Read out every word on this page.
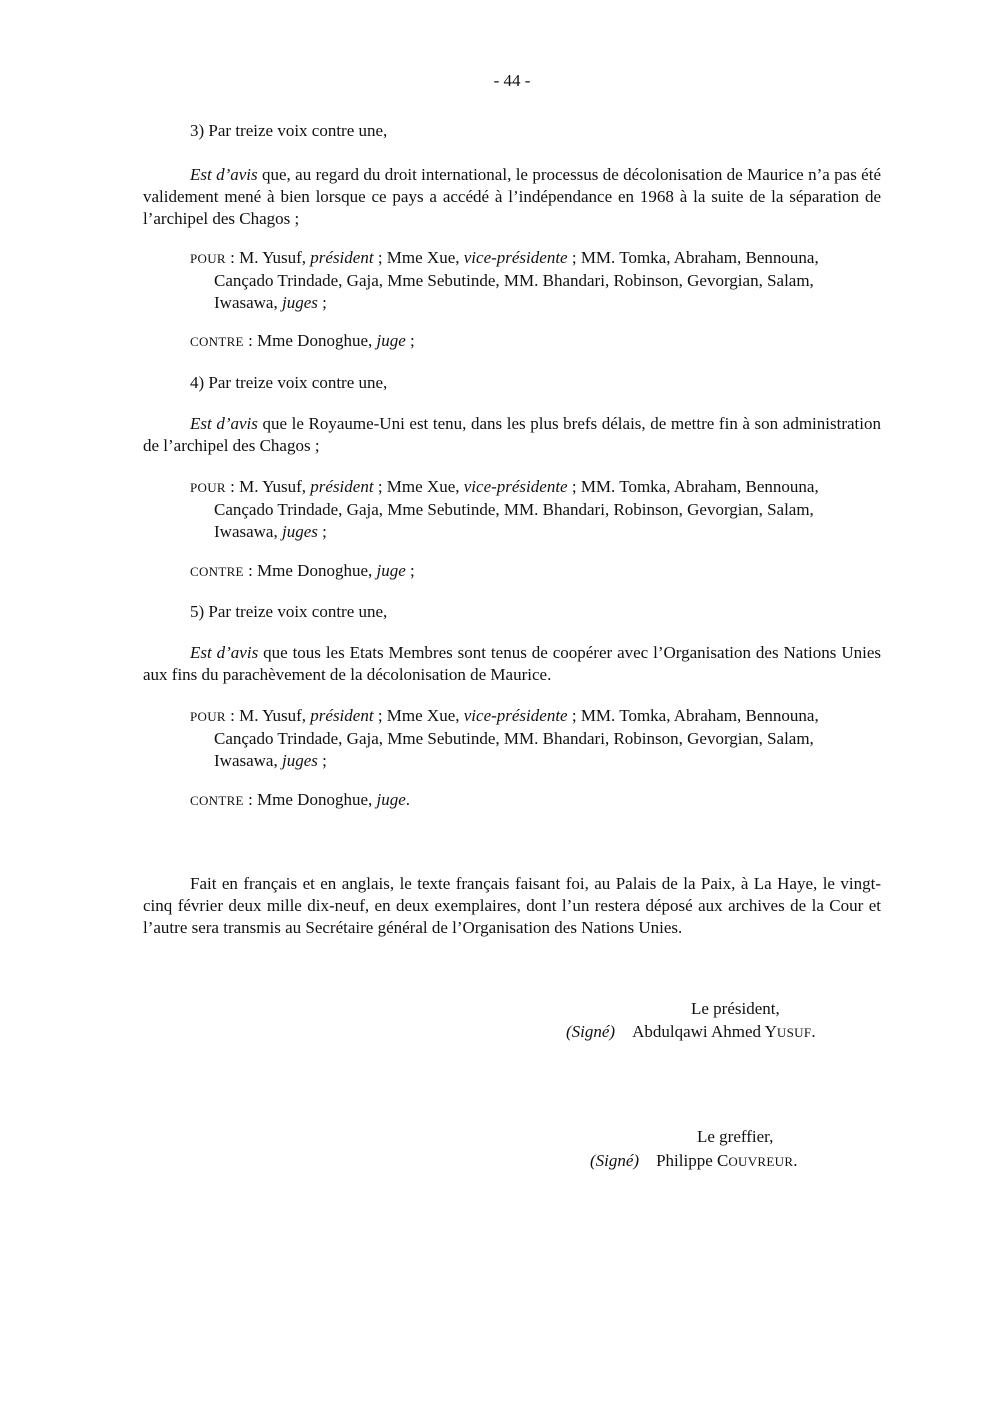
- 44 -

3) Par treize voix contre une,

Est d’avis que, au regard du droit international, le processus de décolonisation de Maurice n’a pas été validement mené à bien lorsque ce pays a accédé à l’indépendance en 1968 à la suite de la séparation de l’archipel des Chagos ;

POUR : M. Yusuf, président ; Mme Xue, vice-présidente ; MM. Tomka, Abraham, Bennouna,
Cançado Trindade, Gaja, Mme Sebutinde, MM. Bhandari, Robinson, Gevorgian, Salam,
Iwasawa, juges ;

CONTRE : Mme Donoghue, juge ;

4) Par treize voix contre une,

Est d’avis que le Royaume-Uni est tenu, dans les plus brefs délais, de mettre fin à son administration de l’archipel des Chagos ;

POUR : M. Yusuf, président ; Mme Xue, vice-présidente ; MM. Tomka, Abraham, Bennouna,
Cançado Trindade, Gaja, Mme Sebutinde, MM. Bhandari, Robinson, Gevorgian, Salam,
Iwasawa, juges ;

CONTRE : Mme Donoghue, juge ;

5) Par treize voix contre une,

Est d’avis que tous les Etats Membres sont tenus de coopérer avec l’Organisation des Nations Unies aux fins du parachèvement de la décolonisation de Maurice.

POUR : M. Yusuf, président ; Mme Xue, vice-présidente ; MM. Tomka, Abraham, Bennouna,
Cançado Trindade, Gaja, Mme Sebutinde, MM. Bhandari, Robinson, Gevorgian, Salam,
Iwasawa, juges ;

CONTRE : Mme Donoghue, juge.

Fait en français et en anglais, le texte français faisant foi, au Palais de la Paix, à La Haye, le vingt-cinq février deux mille dix-neuf, en deux exemplaires, dont l’un restera déposé aux archives de la Cour et l’autre sera transmis au Secrétaire général de l’Organisation des Nations Unies.

Le président,

(Signé) Abdulqawi Ahmed YUSUF.

Le greffier,

(Signé) Philippe COUVREUR.
